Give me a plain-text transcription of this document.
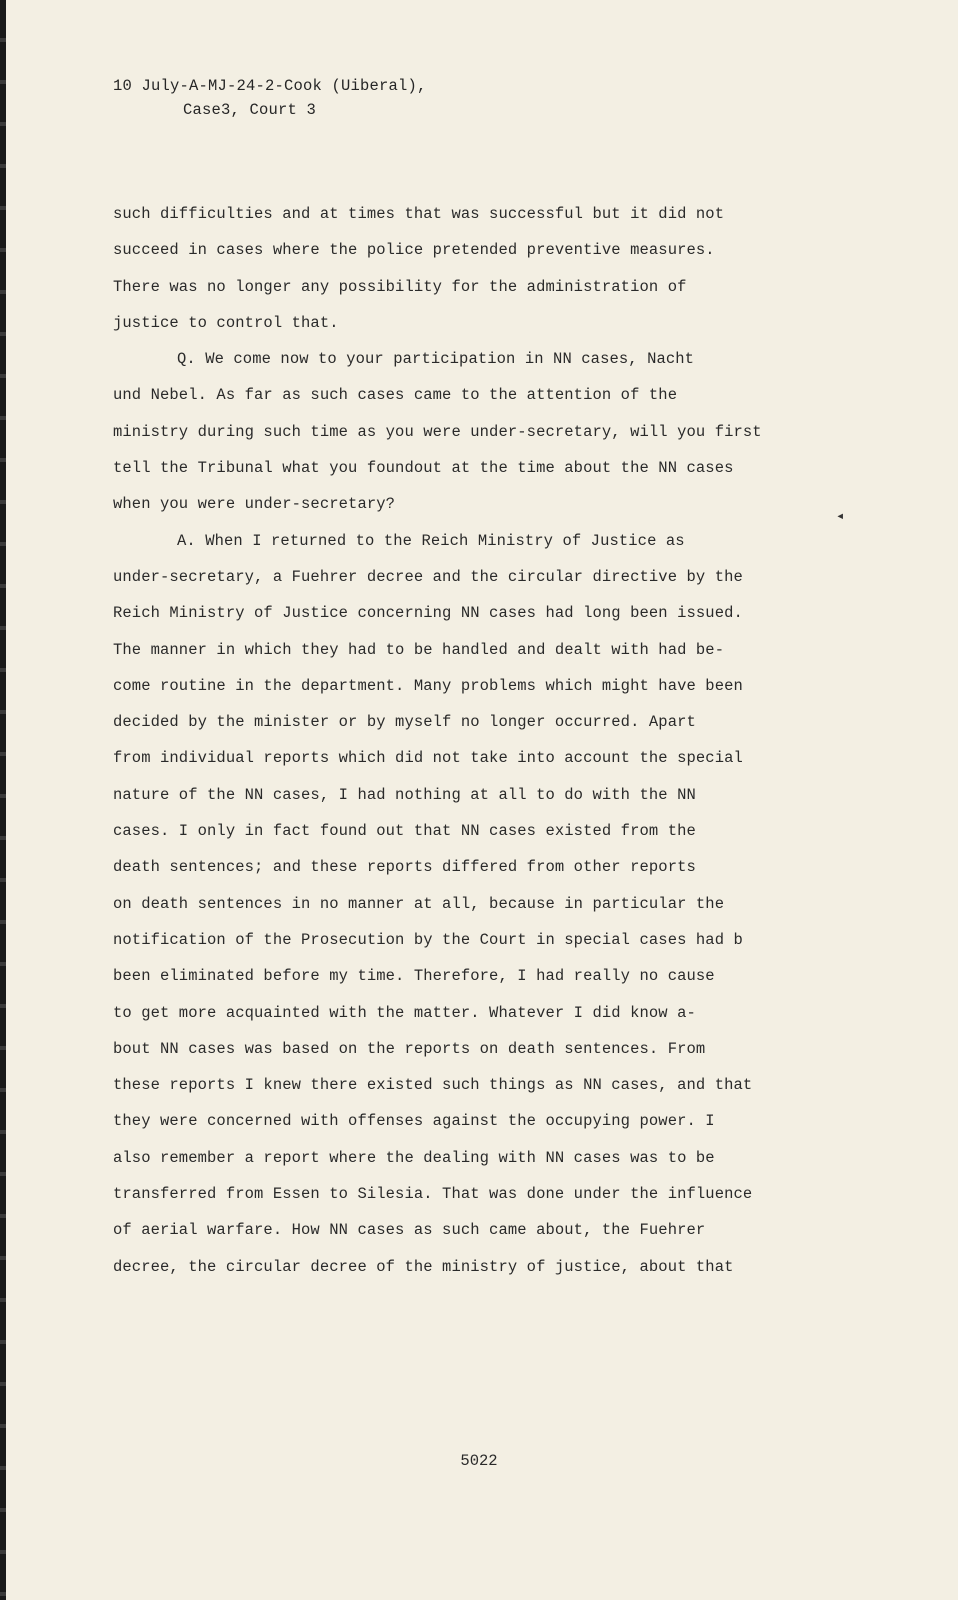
10 July-A-MJ-24-2-Cook (Uiberal),
Case3, Court 3
such difficulties and at times that was successful but it did not
succeed in cases where the police pretended preventive measures.
There was no longer any possibility for the administration of
justice to control that.
Q. We come now to your participation in NN cases, Nacht
und Nebel. As far as such cases came to the attention of the
ministry during such time as you were under-secretary, will you first
tell the Tribunal what you foundout at the time about the NN cases
when you were under-secretary?
A. When I returned to the Reich Ministry of Justice as
under-secretary, a Fuehrer decree and the circular directive by the
Reich Ministry of Justice concerning NN cases had long been issued.
The manner in which they had to be handled and dealt with had be-
come routine in the department. Many problems which might have been
decided by the minister or by myself no longer occurred. Apart
from individual reports which did not take into account the special
nature of the NN cases, I had nothing at all to do with the NN
cases. I only in fact found out that NN cases existed from the
death sentences; and these reports differed from other reports
on death sentences in no manner at all, because in particular the
notification of the Prosecution by the Court in special cases had b
been eliminated before my time. Therefore, I had really no cause
to get more acquainted with the matter. Whatever I did know a-
bout NN cases was based on the reports on death sentences. From
these reports I knew there existed such things as NN cases, and that
they were concerned with offenses against the occupying power. I
also remember a report where the dealing with NN cases was to be
transferred from Essen to Silesia. That was done under the influence
of aerial warfare. How NN cases as such came about, the Fuehrer
decree, the circular decree of the ministry of justice, about that
◂
5022
